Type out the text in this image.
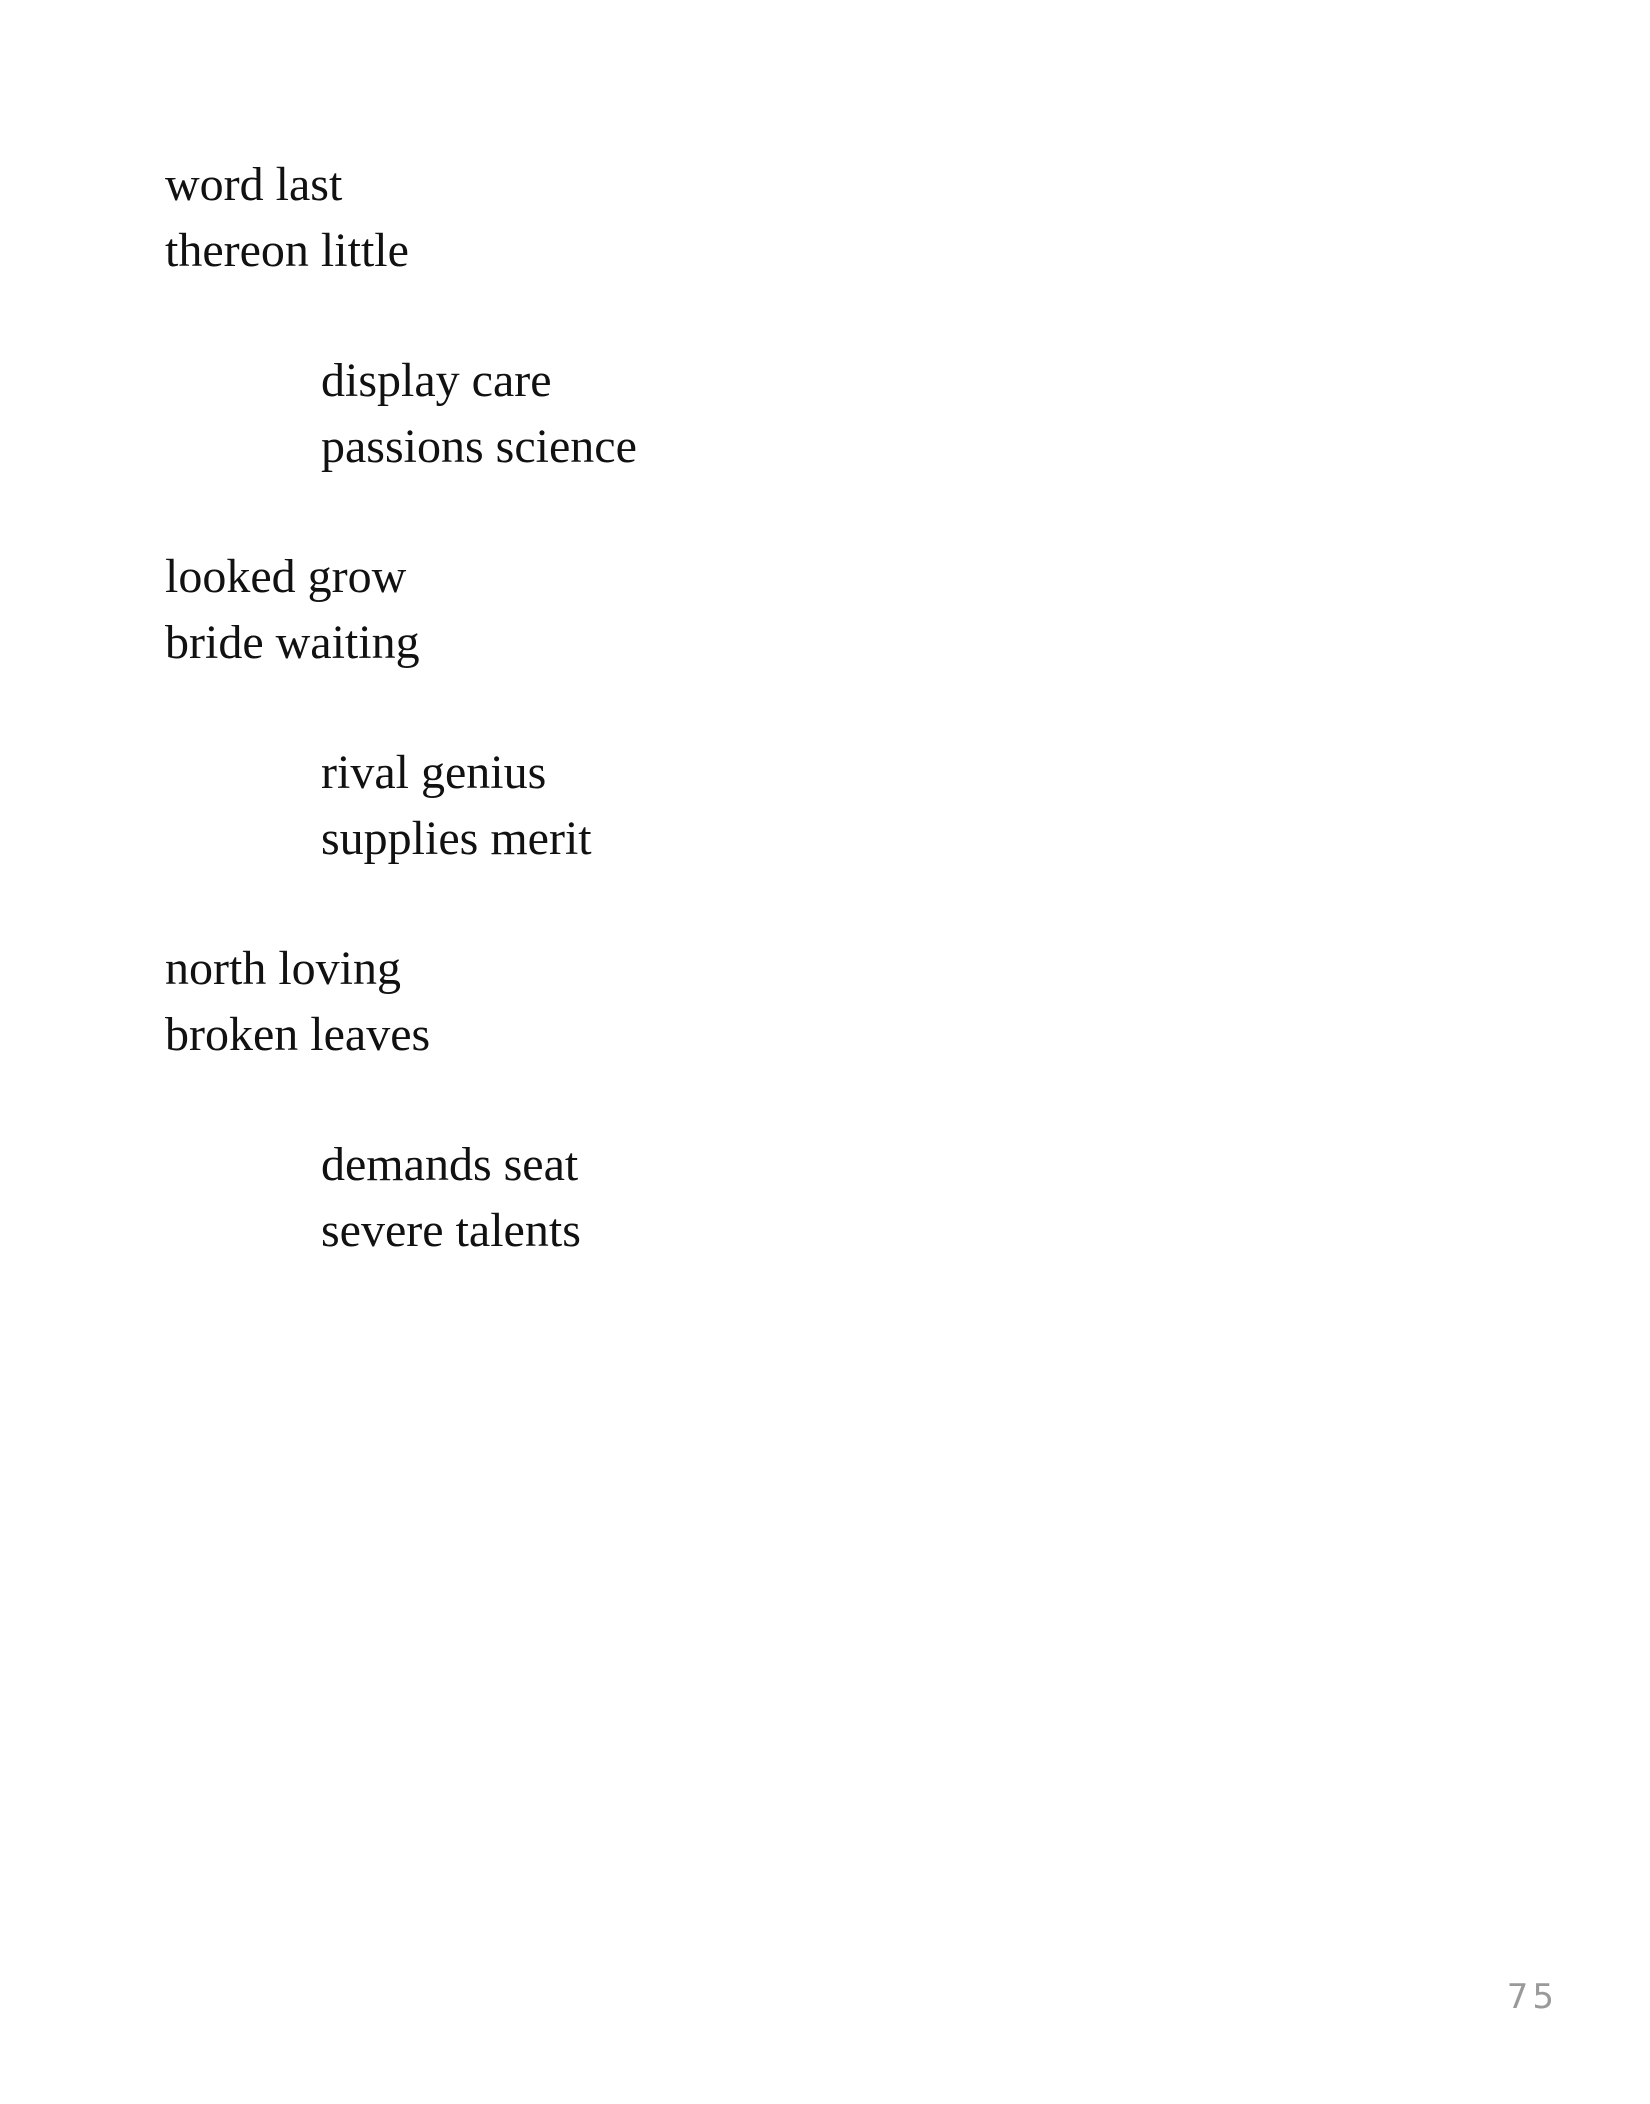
word last
thereon little
display care
passions science
looked grow
bride waiting
rival genius
supplies merit
north loving
broken leaves
demands seat
severe talents
75
